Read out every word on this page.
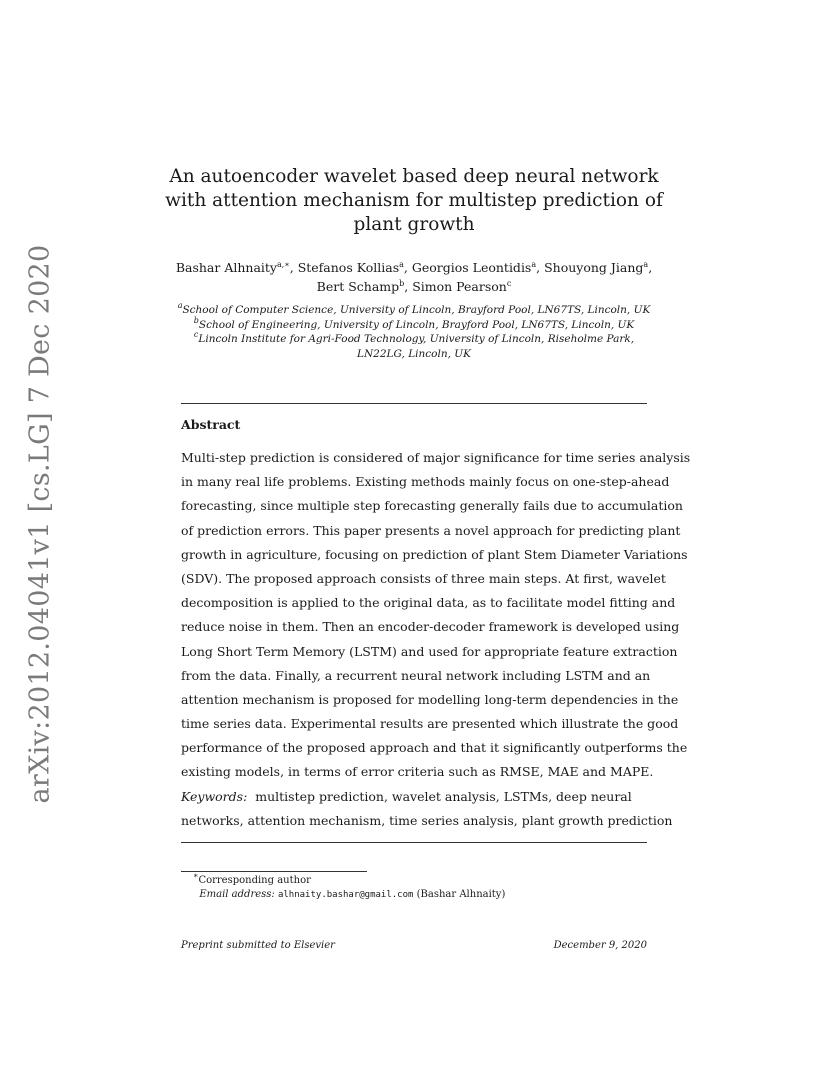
arXiv:2012.04041v1 [cs.LG] 7 Dec 2020
An autoencoder wavelet based deep neural network
with attention mechanism for multistep prediction of
plant growth
Bashar Alhnaity$^{a,∗}$, Stefanos Kollias$^a$, Georgios Leontidis$^a$, Shouyong Jiang$^a$,
Bert Schamp$^b$, Simon Pearson$^c$
$^a$School of Computer Science, University of Lincoln, Brayford Pool, LN67TS, Lincoln, UK
$^b$School of Engineering, University of Lincoln, Brayford Pool, LN67TS, Lincoln, UK
$^c$Lincoln Institute for Agri-Food Technology, University of Lincoln, Riseholme Park,
LN22LG, Lincoln, UK
Abstract
Multi-step prediction is considered of major significance for time series analysis
in many real life problems. Existing methods mainly focus on one-step-ahead
forecasting, since multiple step forecasting generally fails due to accumulation
of prediction errors. This paper presents a novel approach for predicting plant
growth in agriculture, focusing on prediction of plant Stem Diameter Variations
(SDV). The proposed approach consists of three main steps. At first, wavelet
decomposition is applied to the original data, as to facilitate model fitting and
reduce noise in them. Then an encoder-decoder framework is developed using
Long Short Term Memory (LSTM) and used for appropriate feature extraction
from the data. Finally, a recurrent neural network including LSTM and an
attention mechanism is proposed for modelling long-term dependencies in the
time series data. Experimental results are presented which illustrate the good
performance of the proposed approach and that it significantly outperforms the
existing models, in terms of error criteria such as RMSE, MAE and MAPE.
Keywords: multistep prediction, wavelet analysis, LSTMs, deep neural
networks, attention mechanism, time series analysis, plant growth prediction
∗Corresponding author
Email address: alhnaity.bashar@gmail.com (Bashar Alhnaity)
Preprint submitted to Elsevier	December 9, 2020
